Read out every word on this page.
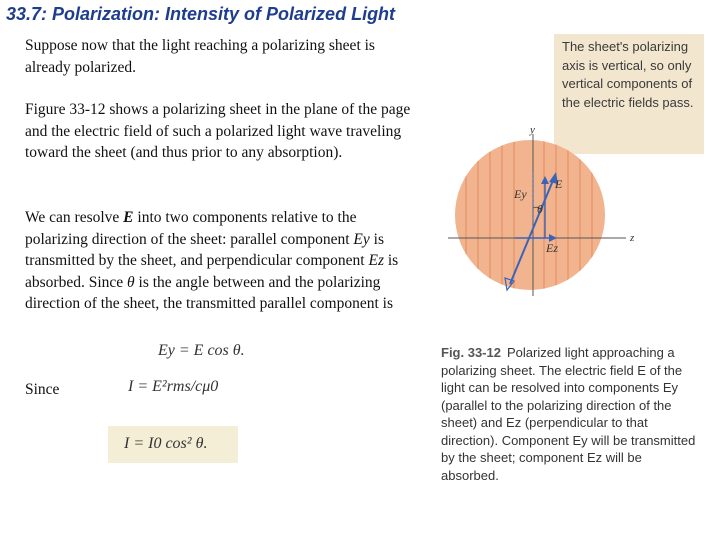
33.7: Polarization: Intensity of Polarized Light

Suppose now that the light reaching a polarizing sheet is already polarized.

Figure 33-12 shows a polarizing sheet in the plane of the page and the electric field of such a polarized light wave traveling toward the sheet (and thus prior to any absorption).

We can resolve E into two components relative to the polarizing direction of the sheet: parallel component Ey is transmitted by the sheet, and perpendicular component Ez is absorbed. Since θ is the angle between and the polarizing direction of the sheet, the transmitted parallel component is

Ey = E cos θ.
Since	I = E²rms/cμ0
I = I0 cos² θ.
The sheet's polarizing axis is vertical, so only vertical components of the electric fields pass.
y
z
E
Ey
Ez
θ
Fig. 33-12 Polarized light approaching a polarizing sheet. The electric field E of the light can be resolved into components Ey (parallel to the polarizing direction of the sheet) and Ez (perpendicular to that direction). Component Ey will be transmitted by the sheet; component Ez will be absorbed.
